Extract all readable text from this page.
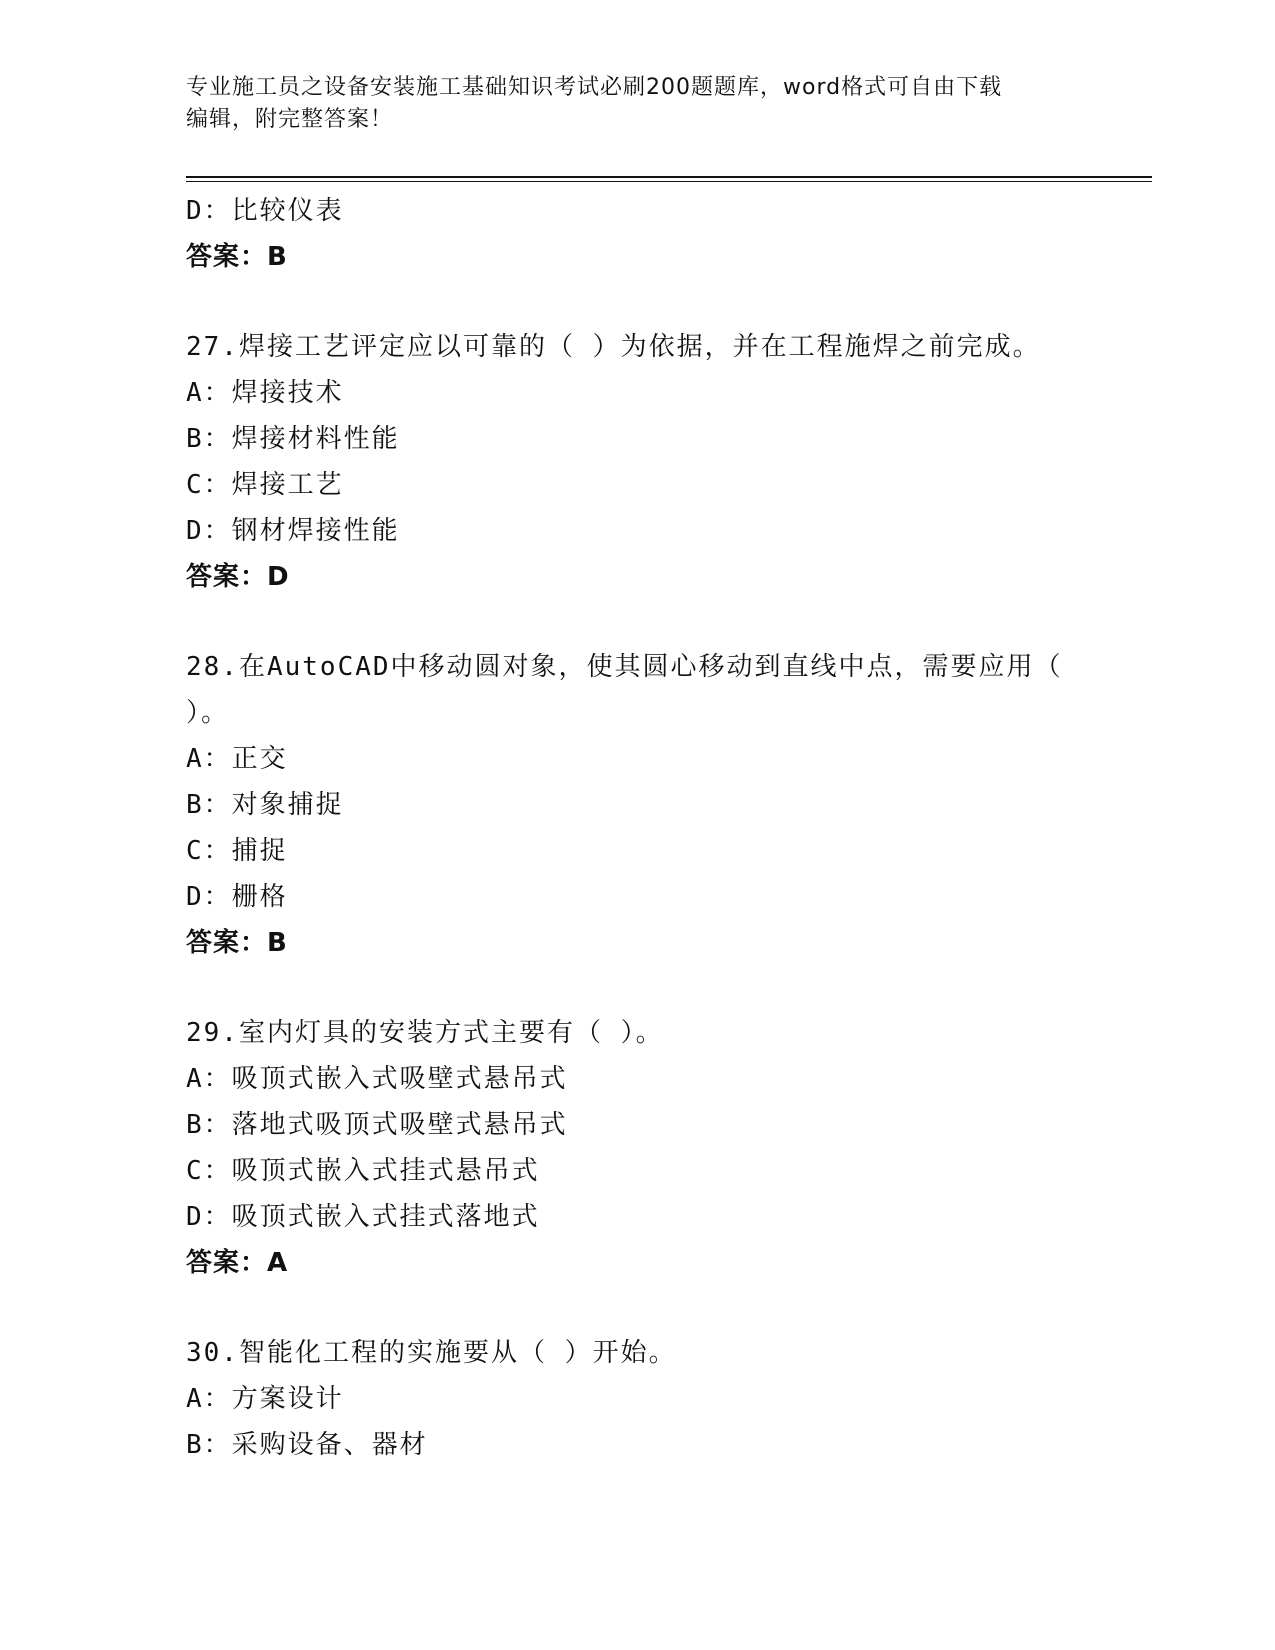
专业施工员之设备安装施工基础知识考试必刷200题题库，word格式可自由下载
编辑，附完整答案！
D：比较仪表
答案：B
27.焊接工艺评定应以可靠的（ ）为依据，并在工程施焊之前完成。
A：焊接技术
B：焊接材料性能
C：焊接工艺
D：钢材焊接性能
答案：D
28.在AutoCAD中移动圆对象，使其圆心移动到直线中点，需要应用（
）。
A：正交
B：对象捕捉
C：捕捉
D：栅格
答案：B
29.室内灯具的安装方式主要有（ ）。
A：吸顶式嵌入式吸壁式悬吊式
B：落地式吸顶式吸壁式悬吊式
C：吸顶式嵌入式挂式悬吊式
D：吸顶式嵌入式挂式落地式
答案：A
30.智能化工程的实施要从（ ）开始。
A：方案设计
B：采购设备、器材
